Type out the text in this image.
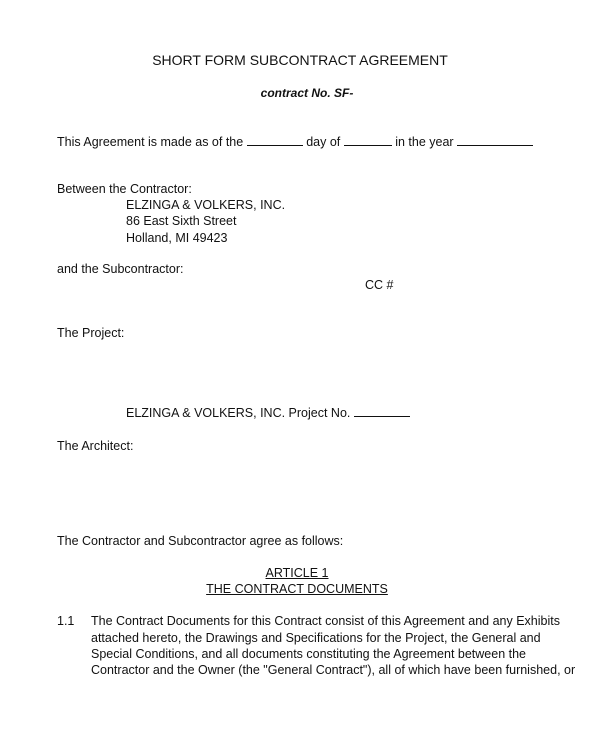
SHORT FORM SUBCONTRACT AGREEMENT
contract No. SF-
This Agreement is made as of the	day of	in the year
Between the Contractor:
ELZINGA & VOLKERS, INC.
86 East Sixth Street
Holland, MI 49423
and the Subcontractor:
CC #
The Project:
ELZINGA & VOLKERS, INC. Project No.
The Architect:
The Contractor and Subcontractor agree as follows:
ARTICLE 1
THE CONTRACT DOCUMENTS
1.1 The Contract Documents for this Contract consist of this Agreement and any Exhibits
attached hereto, the Drawings and Specifications for the Project, the General and
Special Conditions, and all documents constituting the Agreement between the
Contractor and the Owner (the "General Contract"), all of which have been furnished, or
